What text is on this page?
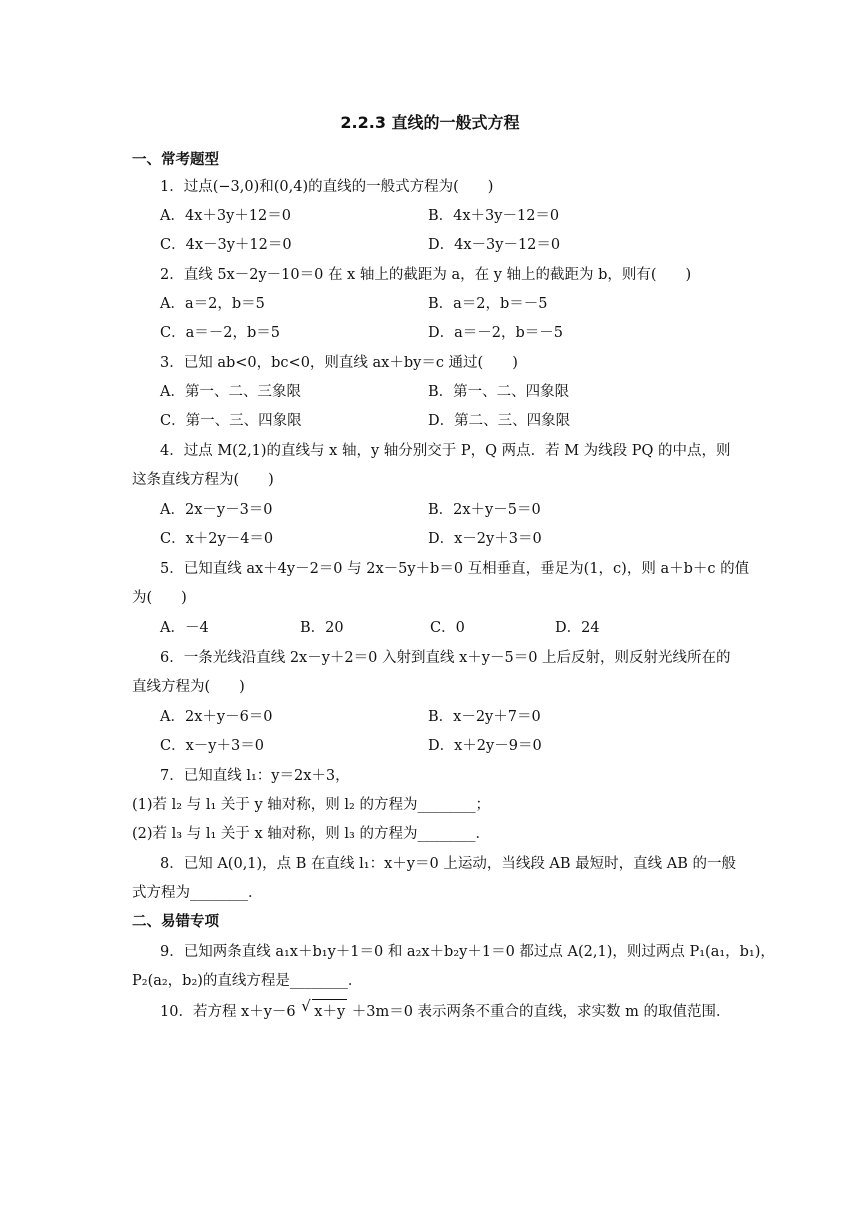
2.2.3 直线的一般式方程
一、常考题型
1．过点(−3,0)和(0,4)的直线的一般式方程为(　　)
A．4x＋3y＋12＝0	B．4x＋3y－12＝0
C．4x－3y＋12＝0	D．4x－3y－12＝0
2．直线 5x－2y－10＝0 在 x 轴上的截距为 a，在 y 轴上的截距为 b，则有(　　)
A．a＝2，b＝5	B．a＝2，b＝－5
C．a＝－2，b＝5	D．a＝－2，b＝－5
3．已知 ab<0，bc<0，则直线 ax＋by＝c 通过(　　)
A．第一、二、三象限	B．第一、二、四象限
C．第一、三、四象限	D．第二、三、四象限
4．过点 M(2,1)的直线与 x 轴，y 轴分别交于 P，Q 两点．若 M 为线段 PQ 的中点，则
这条直线方程为(　　)
A．2x－y－3＝0	B．2x＋y－5＝0
C．x＋2y－4＝0	D．x－2y＋3＝0
5．已知直线 ax＋4y－2＝0 与 2x－5y＋b＝0 互相垂直，垂足为(1，c)，则 a＋b＋c 的值
为(　　)
A．－4	B．20	C．0	D．24
6．一条光线沿直线 2x－y＋2＝0 入射到直线 x＋y－5＝0 上后反射，则反射光线所在的
直线方程为(　　)
A．2x＋y－6＝0	B．x－2y＋7＝0
C．x－y＋3＝0	D．x＋2y－9＝0
7．已知直线 l₁：y＝2x＋3，
(1)若 l₂ 与 l₁ 关于 y 轴对称，则 l₂ 的方程为________；
(2)若 l₃ 与 l₁ 关于 x 轴对称，则 l₃ 的方程为________．
8．已知 A(0,1)，点 B 在直线 l₁：x＋y＝0 上运动，当线段 AB 最短时，直线 AB 的一般
式方程为________．
二、易错专项
9．已知两条直线 a₁x＋b₁y＋1＝0 和 a₂x＋b₂y＋1＝0 都过点 A(2,1)，则过两点 P₁(a₁，b₁)，
P₂(a₂，b₂)的直线方程是________．
10．若方程 x＋y－6 √ x＋y ＋3m＝0 表示两条不重合的直线，求实数 m 的取值范围．
